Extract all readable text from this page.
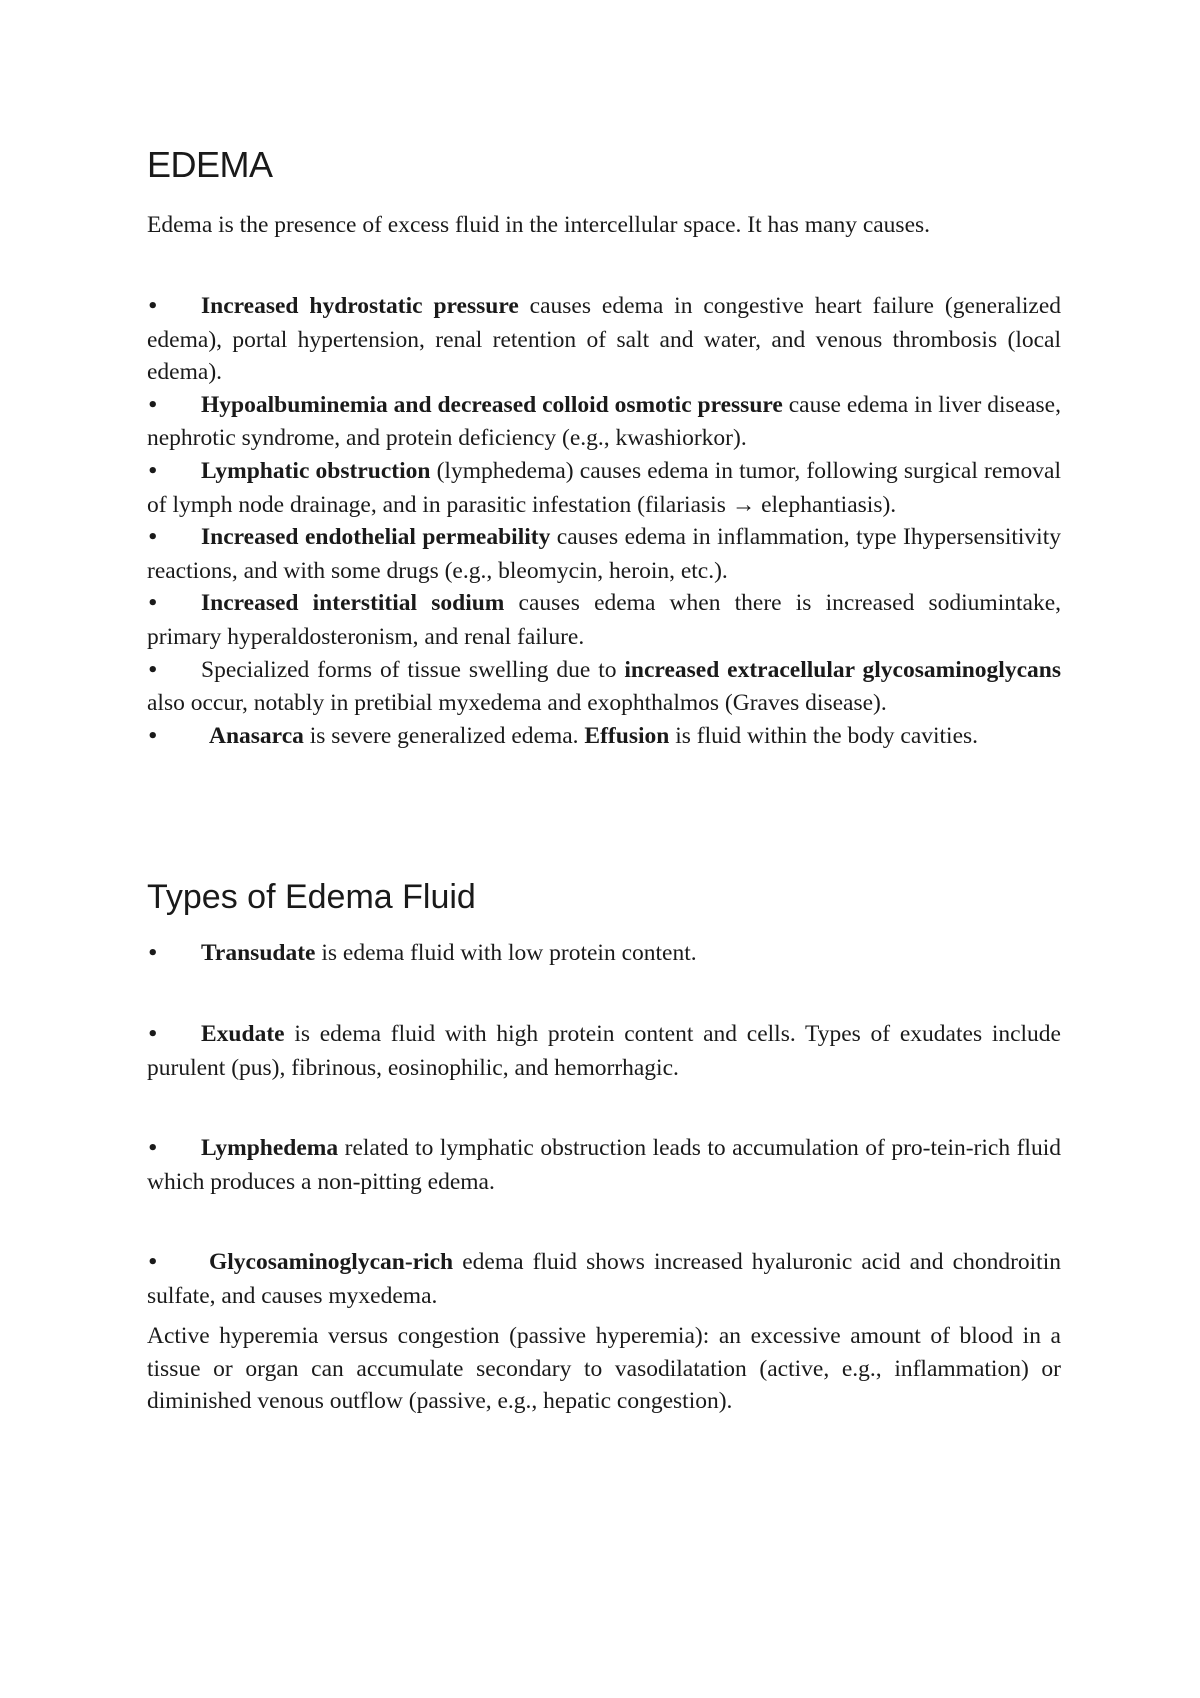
EDEMA

Edema is the presence of excess fluid in the intercellular space. It has many causes.

• Increased hydrostatic pressure causes edema in congestive heart failure (generalized edema), portal hypertension, renal retention of salt and water, and venous thrombosis (local edema).
• Hypoalbuminemia and decreased colloid osmotic pressure cause edema in liver disease, nephrotic syndrome, and protein deficiency (e.g., kwashiorkor).
• Lymphatic obstruction (lymphedema) causes edema in tumor, following surgical removal of lymph node drainage, and in parasitic infestation (filariasis → elephantiasis).
• Increased endothelial permeability causes edema in inflammation, type Ihypersensitivity reactions, and with some drugs (e.g., bleomycin, heroin, etc.).
• Increased interstitial sodium causes edema when there is increased sodiumintake, primary hyperaldosteronism, and renal failure.
• Specialized forms of tissue swelling due to increased extracellular glycosaminoglycans also occur, notably in pretibial myxedema and exophthalmos (Graves disease).
• Anasarca is severe generalized edema. Effusion is fluid within the body cavities.
Types of Edema Fluid

• Transudate is edema fluid with low protein content.

• Exudate is edema fluid with high protein content and cells. Types of exudates include purulent (pus), fibrinous, eosinophilic, and hemorrhagic.

• Lymphedema related to lymphatic obstruction leads to accumulation of pro-tein-rich fluid which produces a non-pitting edema.

• Glycosaminoglycan-rich edema fluid shows increased hyaluronic acid and chondroitin sulfate, and causes myxedema.

Active hyperemia versus congestion (passive hyperemia): an excessive amount of blood in a tissue or organ can accumulate secondary to vasodilatation (active, e.g., inflammation) or diminished venous outflow (passive, e.g., hepatic congestion).
